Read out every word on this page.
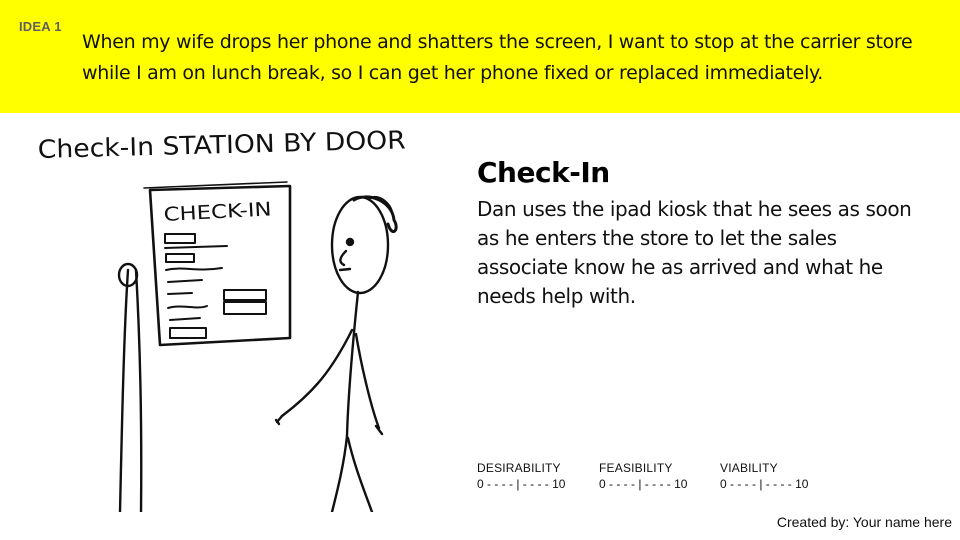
IDEA 1
When my wife drops her phone and shatters the screen, I want to stop at the carrier store while I am on lunch break, so I can get her phone fixed or replaced immediately.
Check-In STATION BY DOOR
CHECK-IN
Check-In
Dan uses the ipad kiosk that he sees as soon as he enters the store to let the sales associate know he as arrived and what he needs help with.
DESIRABILITY
0 - - - - | - - - - 10
FEASIBILITY
0 - - - - | - - - - 10
VIABILITY
0 - - - - | - - - - 10
Created by: Your name here
